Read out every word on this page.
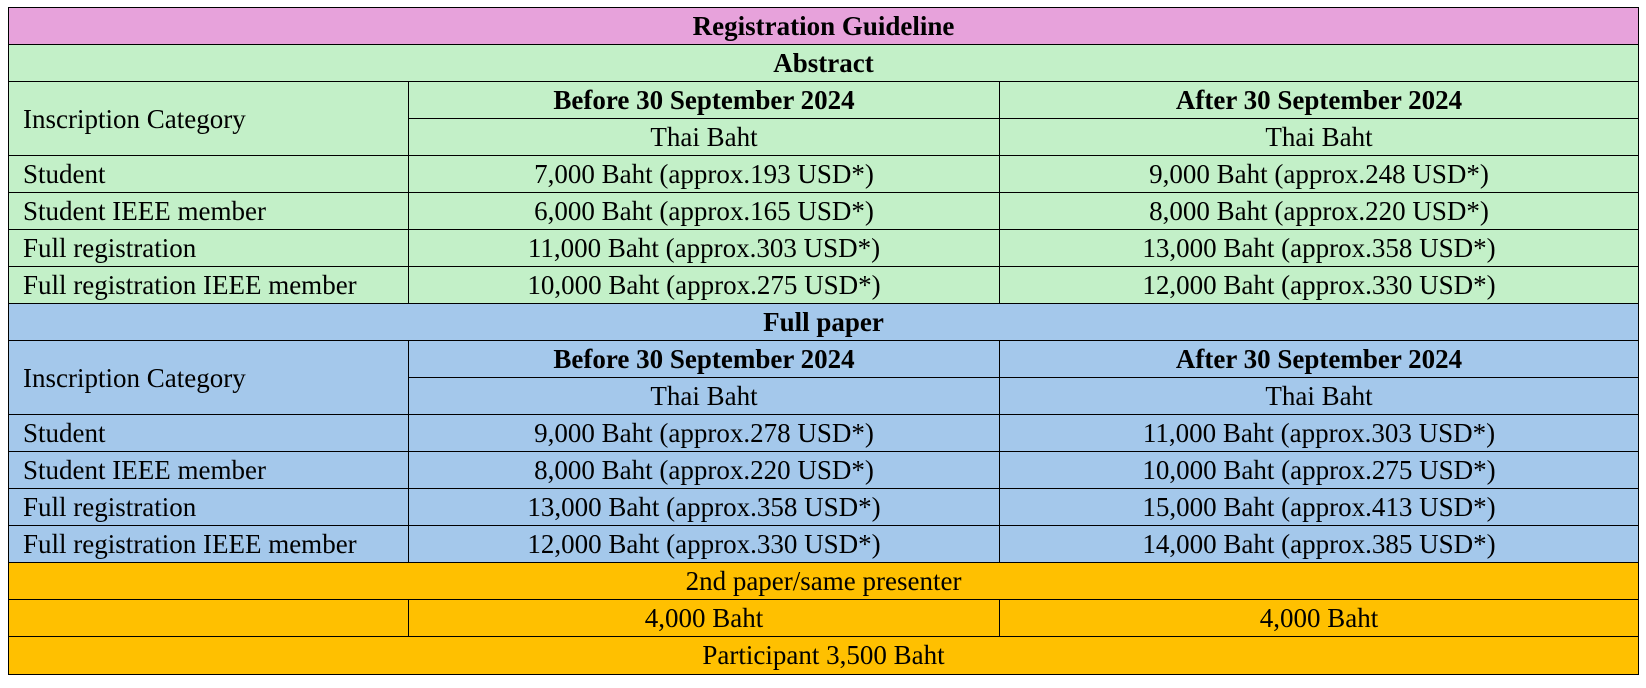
Registration Guideline		
Abstract		
Inscription Category	Before 30 September 2024	After 30 September 2024
	Thai Baht	Thai Baht
Student	7,000 Baht (approx.193 USD*)	9,000 Baht (approx.248 USD*)
Student IEEE member	6,000 Baht (approx.165 USD*)	8,000 Baht (approx.220 USD*)
Full registration	11,000 Baht (approx.303 USD*)	13,000 Baht (approx.358 USD*)
Full registration IEEE member	10,000 Baht (approx.275 USD*)	12,000 Baht (approx.330 USD*)
Full paper		
Inscription Category	Before 30 September 2024	After 30 September 2024
	Thai Baht	Thai Baht
Student	9,000 Baht (approx.278 USD*)	11,000 Baht (approx.303 USD*)
Student IEEE member	8,000 Baht (approx.220 USD*)	10,000 Baht (approx.275 USD*)
Full registration	13,000 Baht (approx.358 USD*)	15,000 Baht (approx.413 USD*)
Full registration IEEE member	12,000 Baht (approx.330 USD*)	14,000 Baht (approx.385 USD*)
2nd paper/same presenter		
	4,000 Baht	4,000 Baht
Participant 3,500 Baht		
